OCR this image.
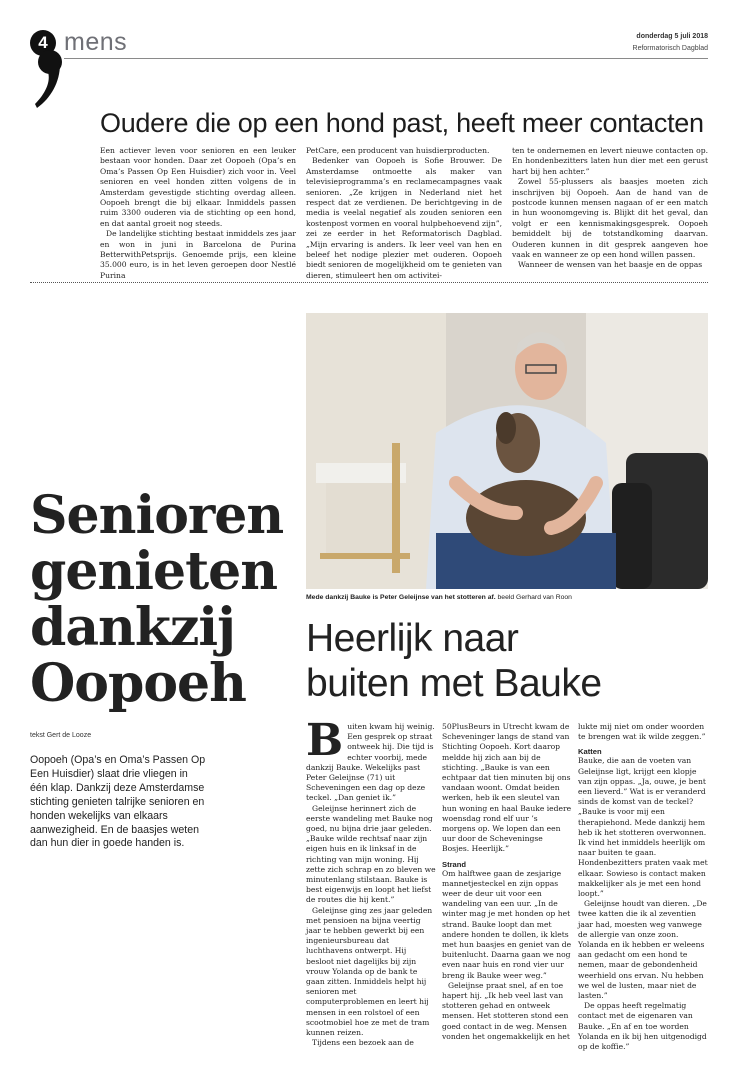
4 mens	donderdag 5 juli 2018
Reformatorisch Dagblad
Oudere die op een hond past, heeft meer contacten

Een actiever leven voor senioren en een leuker bestaan voor honden. Daar zet Oopoeh (Opa’s en Oma’s Passen Op Een Huisdier) zich voor in. Veel senioren en veel honden zitten volgens de in Amsterdam gevestigde stichting overdag alleen. Oopoeh brengt die bij elkaar. Inmiddels passen ruim 3300 ouderen via de stichting op een hond, en dat aantal groeit nog steeds.

De landelijke stichting bestaat inmiddels zes jaar en won in juni in Barcelona de Purina BetterwithPetsprijs. Genoemde prijs, een kleine 35.000 euro, is in het leven geroepen door Nestlé Purina

PetCare, een producent van huisdierproducten.

Bedenker van Oopoeh is Sofie Brouwer. De Amsterdamse ontmoette als maker van televisieprogramma’s en reclamecampagnes vaak senioren. „Ze krijgen in Nederland niet het respect dat ze verdienen. De berichtgeving in de media is veelal negatief als zouden senioren een kostenpost vormen en vooral hulpbehoevend zijn”, zei ze eerder in het Reformatorisch Dagblad. „Mijn ervaring is anders. Ik leer veel van hen en beleef het nodige plezier met ouderen. Oopoeh biedt senioren de mogelijkheid om te genieten van dieren, stimuleert hen om activitei-

ten te ondernemen en levert nieuwe contacten op. En hondenbezitters laten hun dier met een gerust hart bij hen achter.”

Zowel 55-plussers als baasjes moeten zich inschrijven bij Oopoeh. Aan de hand van de postcode kunnen mensen nagaan of er een match in hun woonomgeving is. Blijkt dit het geval, dan volgt er een kennismakingsgesprek. Oopoeh bemiddelt bij de totstandkoming daarvan. Ouderen kunnen in dit gesprek aangeven hoe vaak en wanneer ze op een hond willen passen.

Wanneer de wensen van het baasje en de oppas

Mede dankzij Bauke is Peter Geleijnse van het stotteren af. beeld Gerhard van Roon
Senioren
genieten
dankzij
Oopoeh
Heerlijk naar
buiten met Bauke
tekst Gert de Looze
Oopoeh (Opa’s en Oma’s Passen Op Een Huisdier) slaat drie vliegen in één klap. Dankzij deze Amsterdamse stichting genieten talrijke senioren en honden wekelijks van elkaars aanwezigheid. En de baasjes weten dan hun dier in goede handen is.
B uiten kwam hij weinig. Een gesprek op straat ontweek hij. Die tijd is echter voorbij, mede dankzij Bauke. Wekelijks past Peter Geleijnse (71) uit Scheveningen een dag op deze teckel. „Dan geniet ik.”

Geleijnse herinnert zich de eerste wandeling met Bauke nog goed, nu bijna drie jaar geleden. „Bauke wilde rechtsaf naar zijn eigen huis en ik linksaf in de richting van mijn woning. Hij zette zich schrap en zo bleven we minutenlang stilstaan. Bauke is best eigenwijs en loopt het liefst de routes die hij kent.”

Geleijnse ging zes jaar geleden met pensioen na bijna veertig jaar te hebben gewerkt bij een ingenieursbureau dat luchthavens ontwerpt. Hij besloot niet dagelijks bij zijn vrouw Yolanda op de bank te gaan zitten. Inmiddels helpt hij senioren met computerproblemen en leert hij mensen in een rolstoel of een scootmobiel hoe ze met de tram kunnen reizen.

Tijdens een bezoek aan de

50PlusBeurs in Utrecht kwam de Scheveninger langs de stand van Stichting Oopoeh. Kort daarop meldde hij zich aan bij de stichting. „Bauke is van een echtpaar dat tien minuten bij ons vandaan woont. Omdat beiden werken, heb ik een sleutel van hun woning en haal Bauke iedere woensdag rond elf uur ’s morgens op. We lopen dan een uur door de Scheveningse Bosjes. Heerlijk.”

Strand

Om halftwee gaan de zesjarige mannetjesteckel en zijn oppas weer de deur uit voor een wandeling van een uur. „In de winter mag je met honden op het strand. Bauke loopt dan met andere honden te dollen, ik klets met hun baasjes en geniet van de buitenlucht. Daarna gaan we nog even naar huis en rond vier uur breng ik Bauke weer weg.”

Geleijnse praat snel, af en toe hapert hij. „Ik heb veel last van stotteren gehad en ontweek mensen. Het stotteren stond een goed contact in de weg. Mensen vonden het ongemakkelijk en het

lukte mij niet om onder woorden te brengen wat ik wilde zeggen.”

Katten

Bauke, die aan de voeten van Geleijnse ligt, krijgt een klopje van zijn oppas. „Ja, ouwe, je bent een lieverd.” Wat is er veranderd sinds de komst van de teckel? „Bauke is voor mij een therapiehond. Mede dankzij hem heb ik het stotteren overwonnen. Ik vind het inmiddels heerlijk om naar buiten te gaan. Hondenbezitters praten vaak met elkaar. Sowieso is contact maken makkelijker als je met een hond loopt.”

Geleijnse houdt van dieren. „De twee katten die ik al zeventien jaar had, moesten weg vanwege de allergie van onze zoon. Yolanda en ik hebben er weleens aan gedacht om een hond te nemen, maar de gebondenheid weerhield ons ervan. Nu hebben we wel de lusten, maar niet de lasten.”

De oppas heeft regelmatig contact met de eigenaren van Bauke. „En af en toe worden Yolanda en ik bij hen uitgenodigd op de koffie.”
